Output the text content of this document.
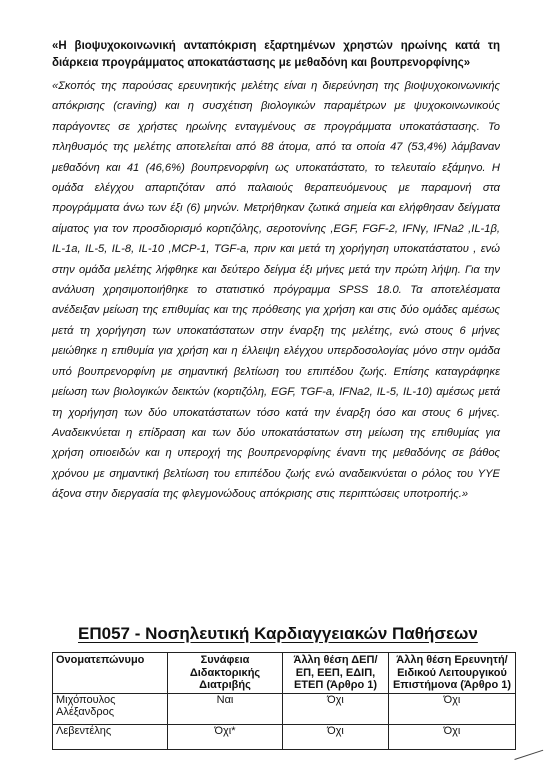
«Η βιοψυχοκοινωνική ανταπόκριση εξαρτημένων χρηστών ηρωίνης κατά τη διάρκεια προγράμματος αποκατάστασης με μεθαδόνη και βουπρενορφίνης»
«Σκοπός της παρούσας ερευνητικής μελέτης είναι η διερεύνηση της βιοψυχοκοινωνικής απόκρισης (craving) και η συσχέτιση βιολογικών παραμέτρων με ψυχοκοινωνικούς παράγοντες σε χρήστες ηρωίνης ενταγμένους σε προγράμματα υποκατάστασης. Το πληθυσμός της μελέτης αποτελείται από 88 άτομα, από τα οποία 47 (53,4%) λάμβαναν μεθαδόνη και 41 (46,6%) βουπρενορφίνη ως υποκατάστατο, το τελευταίο εξάμηνο. Η ομάδα ελέγχου απαρτιζόταν από παλαιούς θεραπευόμενους με παραμονή στα προγράμματα άνω των έξι (6) μηνών. Μετρήθηκαν ζωτικά σημεία και ελήφθησαν δείγματα αίματος για τον προσδιορισμό κορτιζόλης, σεροτονίνης ,EGF, FGF-2, IFNγ, IFNa2 ,IL-1β, IL-1a, IL-5, IL-8, IL-10 ,MCP-1, TGF-a, πριν και μετά τη χορήγηση υποκατάστατου , ενώ στην ομάδα μελέτης λήφθηκε και δεύτερο δείγμα έξι μήνες μετά την πρώτη λήψη. Για την ανάλυση χρησιμοποιήθηκε το στατιστικό πρόγραμμα SPSS 18.0. Τα αποτελέσματα ανέδειξαν μείωση της επιθυμίας και της πρόθεσης για χρήση και στις δύο ομάδες αμέσως μετά τη χορήγηση των υποκατάστατων στην έναρξη της μελέτης, ενώ στους 6 μήνες μειώθηκε η επιθυμία για χρήση και η έλλειψη ελέγχου υπερδοσολογίας μόνο στην ομάδα υπό βουπρενορφίνη με σημαντική βελτίωση του επιπέδου ζωής. Επίσης καταγράφηκε μείωση των βιολογικών δεικτών (κορτιζόλη, EGF, TGF-a, IFNa2, IL-5, IL-10) αμέσως μετά τη χορήγηση των δύο υποκατάστατων τόσο κατά την έναρξη όσο και στους 6 μήνες. Αναδεικνύεται η επίδραση και των δύο υποκατάστατων στη μείωση της επιθυμίας για χρήση οπιοειδών και η υπεροχή της βουπρενορφίνης έναντι της μεθαδόνης σε βάθος χρόνου με σημαντική βελτίωση του επιπέδου ζωής ενώ αναδεικνύεται ο ρόλος του ΥΥΕ άξονα στην διεργασία της φλεγμονώδους απόκρισης στις περιπτώσεις υποτροπής.»
ΕΠ057 - Νοσηλευτική Καρδιαγγειακών Παθήσεων
Ονοματεπώνυμο	Συνάφεια Διδακτορικής Διατριβής	Άλλη θέση ΔΕΠ/ΕΠ, ΕΕΠ, ΕΔΙΠ, ΕΤΕΠ (Άρθρο 1)	Άλλη θέση Ερευνητή/ Ειδικού Λειτουργικού Επιστήμονα (Άρθρο 1)
Μιχόπουλος Αλέξανδρος	Ναι	Όχι	Όχι
Λεβεντέλης	Όχι*	Όχι	Όχι
